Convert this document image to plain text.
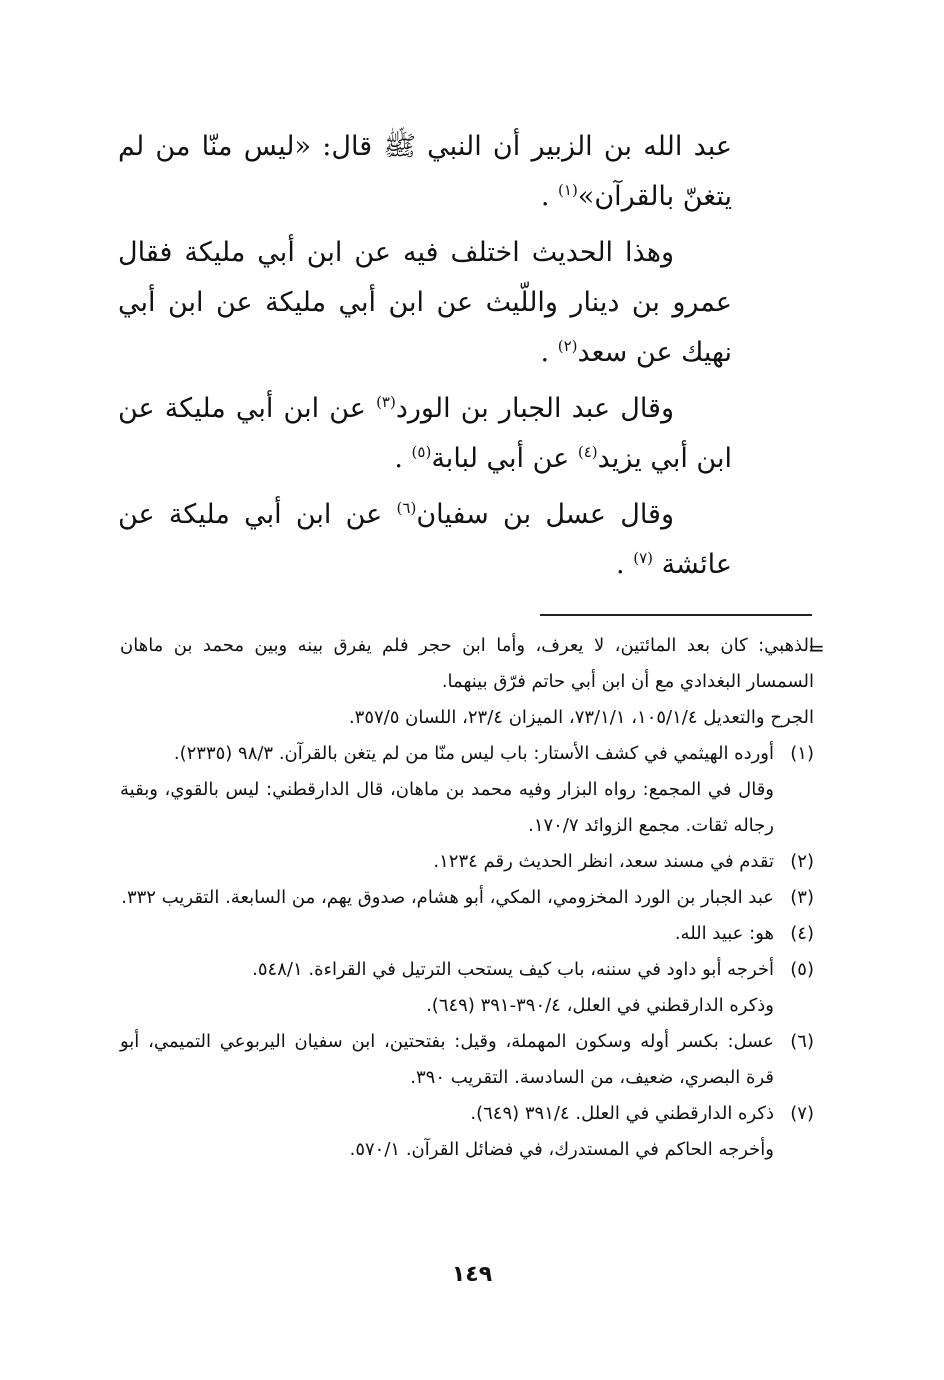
عبد الله بن الزبير أن النبي ﷺ قال: «ليس منّا من لم يتغنّ بالقرآن»$^{(١)}$ .

وهذا الحديث اختلف فيه عن ابن أبي مليكة فقال عمرو بن دينار واللّيث عن ابن أبي مليكة عن ابن أبي نهيك عن سعد$^{(٢)}$ .

وقال عبد الجبار بن الورد$^{(٣)}$ عن ابن أبي مليكة عن ابن أبي يزيد$^{(٤)}$ عن أبي لبابة$^{(٥)}$ .

وقال عسل بن سفيان$^{(٦)}$ عن ابن أبي مليكة عن عائشة $^{(٧)}$ .

=
الذهبي: كان بعد المائتين، لا يعرف، وأما ابن حجر فلم يفرق بينه وبين محمد بن ماهان السمسار البغدادي مع أن ابن أبي حاتم فرّق بينهما.
الجرح والتعديل ١٠٥/١/٤، ٧٣/١/١، الميزان ٢٣/٤، اللسان ٣٥٧/٥.
(١)
أورده الهيثمي في كشف الأستار: باب ليس منّا من لم يتغن بالقرآن. ٩٨/٣ (٢٣٣٥).
وقال في المجمع: رواه البزار وفيه محمد بن ماهان، قال الدارقطني: ليس بالقوي، وبقية رجاله ثقات. مجمع الزوائد ١٧٠/٧.
(٢)
تقدم في مسند سعد، انظر الحديث رقم ١٢٣٤.
(٣)
عبد الجبار بن الورد المخزومي، المكي، أبو هشام، صدوق يهم، من السابعة. التقريب ٣٣٢.
(٤)
هو: عبيد الله.
(٥)
أخرجه أبو داود في سننه، باب كيف يستحب الترتيل في القراءة. ٥٤٨/١.
وذكره الدارقطني في العلل، ٣٩٠/٤-٣٩١ (٦٤٩).
(٦)
عسل: بكسر أوله وسكون المهملة، وقيل: بفتحتين، ابن سفيان اليربوعي التميمي، أبو قرة البصري، ضعيف، من السادسة. التقريب ٣٩٠.
(٧)
ذكره الدارقطني في العلل. ٣٩١/٤ (٦٤٩).
وأخرجه الحاكم في المستدرك، في فضائل القرآن. ٥٧٠/١.
١٤٩
